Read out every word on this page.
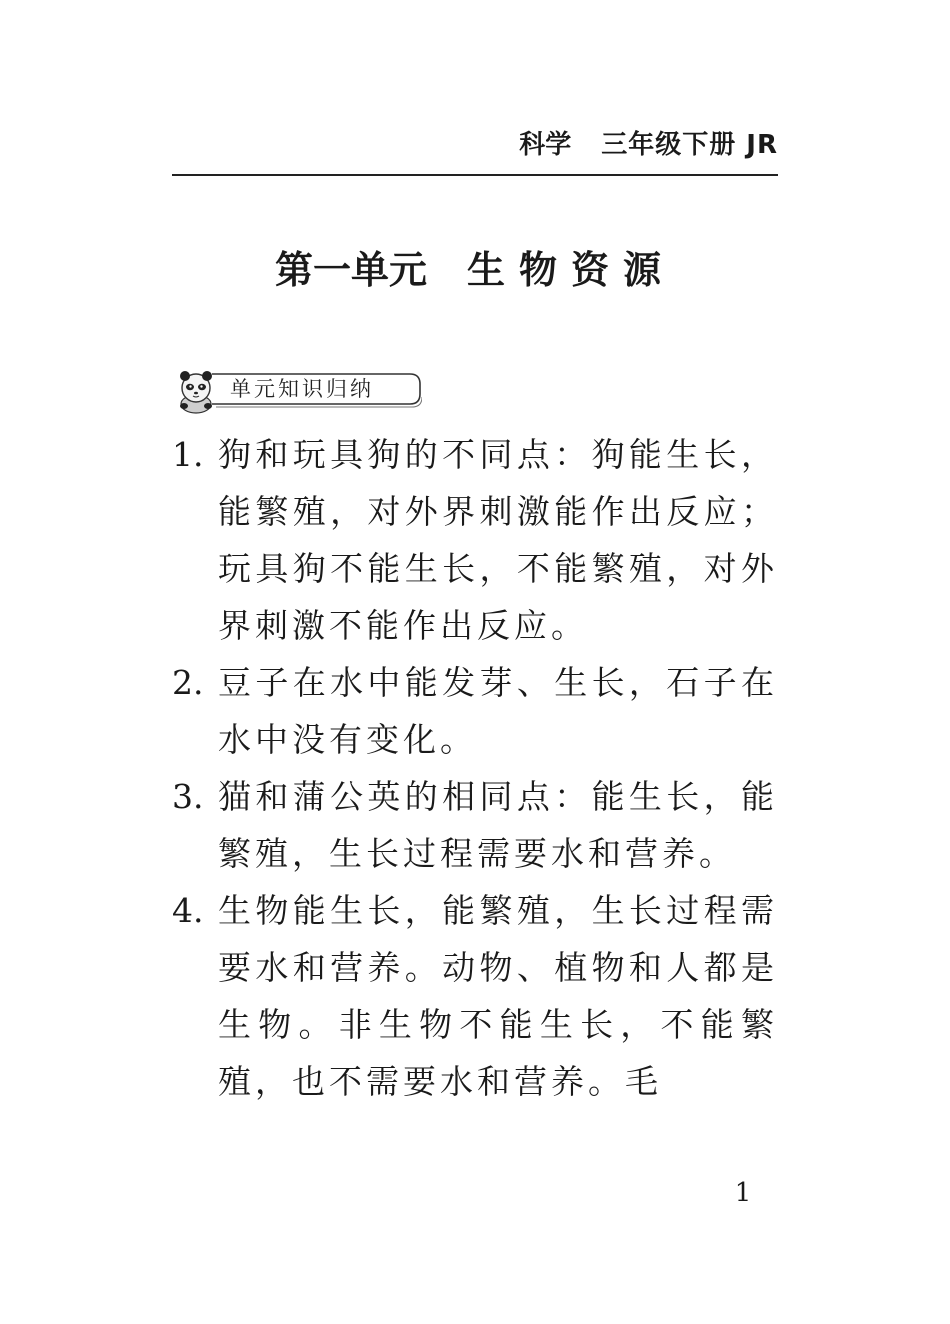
科学 三年级下册 JR
第一单元 生物资源
单元知识归纳
1. 狗和玩具狗的不同点：狗能生长，能繁殖，对外界刺激能作出反应；玩具狗不能生长，不能繁殖，对外界刺激不能作出反应。
2. 豆子在水中能发芽、生长，石子在水中没有变化。
3. 猫和蒲公英的相同点：能生长，能繁殖，生长过程需要水和营养。
4. 生物能生长，能繁殖，生长过程需要水和营养。动物、植物和人都是生物。非生物不能生长，不能繁殖，也不需要水和营养。毛
1
